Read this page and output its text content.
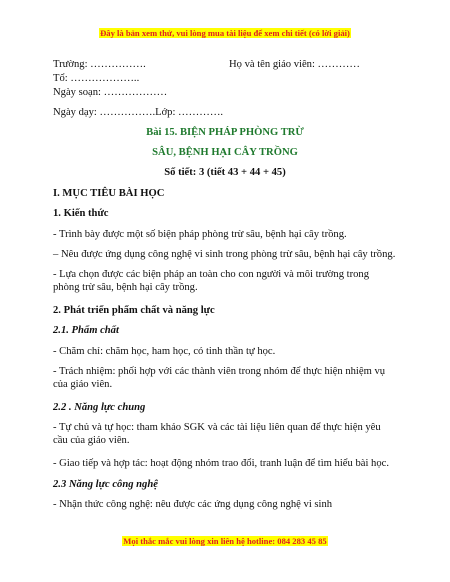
Đây là bản xem thử, vui lòng mua tài liệu để xem chi tiết (có lời giải)
Trường: …………….	Họ và tên giáo viên: …………
Tổ: ………………..
Ngày soạn: ………………
Ngày dạy: …………….Lớp: ………….
Bài 15. BIỆN PHÁP PHÒNG TRỪ
SÂU, BỆNH HẠI CÂY TRỒNG
Số tiết: 3 (tiết 43 + 44 + 45)
I. MỤC TIÊU BÀI HỌC
1. Kiến thức
- Trình bày được một số biện pháp phòng trừ sâu, bệnh hại cây trồng.
– Nêu được ứng dụng công nghệ vi sinh trong phòng trừ sâu, bệnh hại cây trồng.
- Lựa chọn được các biện pháp an toàn cho con người và môi trường trong phòng trừ sâu, bệnh hại cây trồng.
2. Phát triển phẩm chất và năng lực
2.1. Phẩm chất
- Chăm chỉ: chăm học, ham học, có tinh thần tự học.
- Trách nhiệm: phối hợp với các thành viên trong nhóm để thực hiện nhiệm vụ của giáo viên.
2.2 . Năng lực chung
- Tự chủ và tự học: tham khảo SGK và các tài liệu liên quan để thực hiện yêu cầu của giáo viên.
- Giao tiếp và hợp tác: hoạt động nhóm trao đổi, tranh luận để tìm hiểu bài học.
2.3 Năng lực công nghệ
- Nhận thức công nghệ: nêu được các ứng dụng công nghệ vi sinh
Mọi thắc mắc vui lòng xin liên hệ hotline: 084 283 45 85
